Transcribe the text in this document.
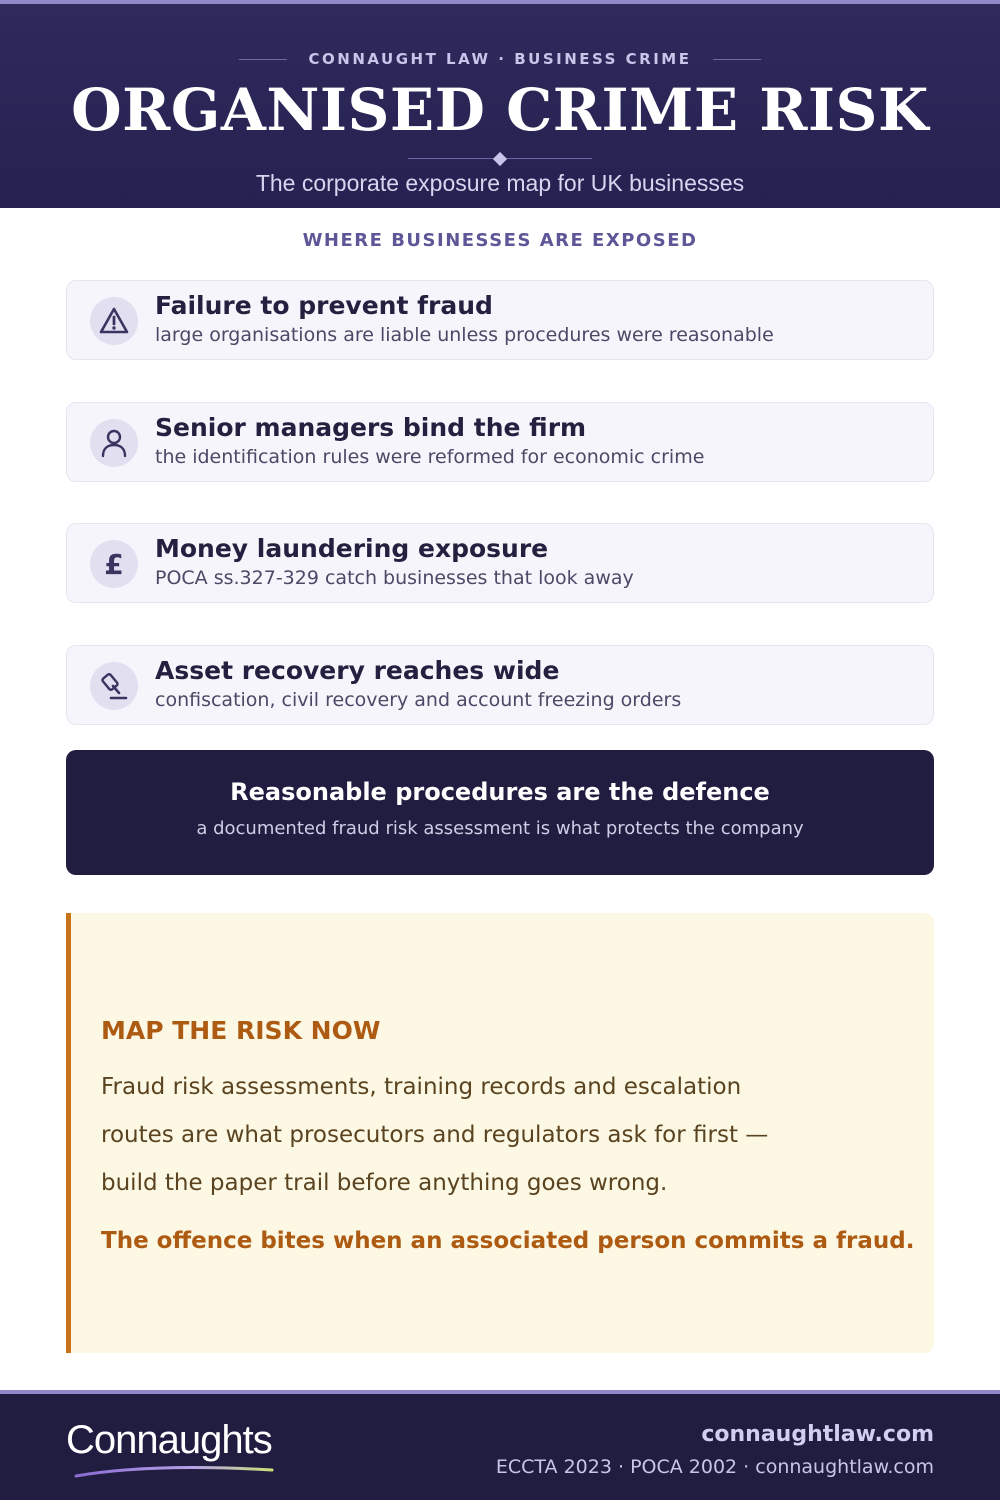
CONNAUGHT LAW · BUSINESS CRIME
ORGANISED CRIME RISK
The corporate exposure map for UK businesses
WHERE BUSINESSES ARE EXPOSED
Failure to prevent fraud
large organisations are liable unless procedures were reasonable
Senior managers bind the firm
the identification rules were reformed for economic crime
£ Money laundering exposure
POCA ss.327-329 catch businesses that look away
Asset recovery reaches wide
confiscation, civil recovery and account freezing orders
Reasonable procedures are the defence
a documented fraud risk assessment is what protects the company
MAP THE RISK NOW
Fraud risk assessments, training records and escalation routes are what prosecutors and regulators ask for first — build the paper trail before anything goes wrong.
The offence bites when an associated person commits a fraud.
Connaughts	connaughtlaw.com
ECCTA 2023 · POCA 2002 · connaughtlaw.com
